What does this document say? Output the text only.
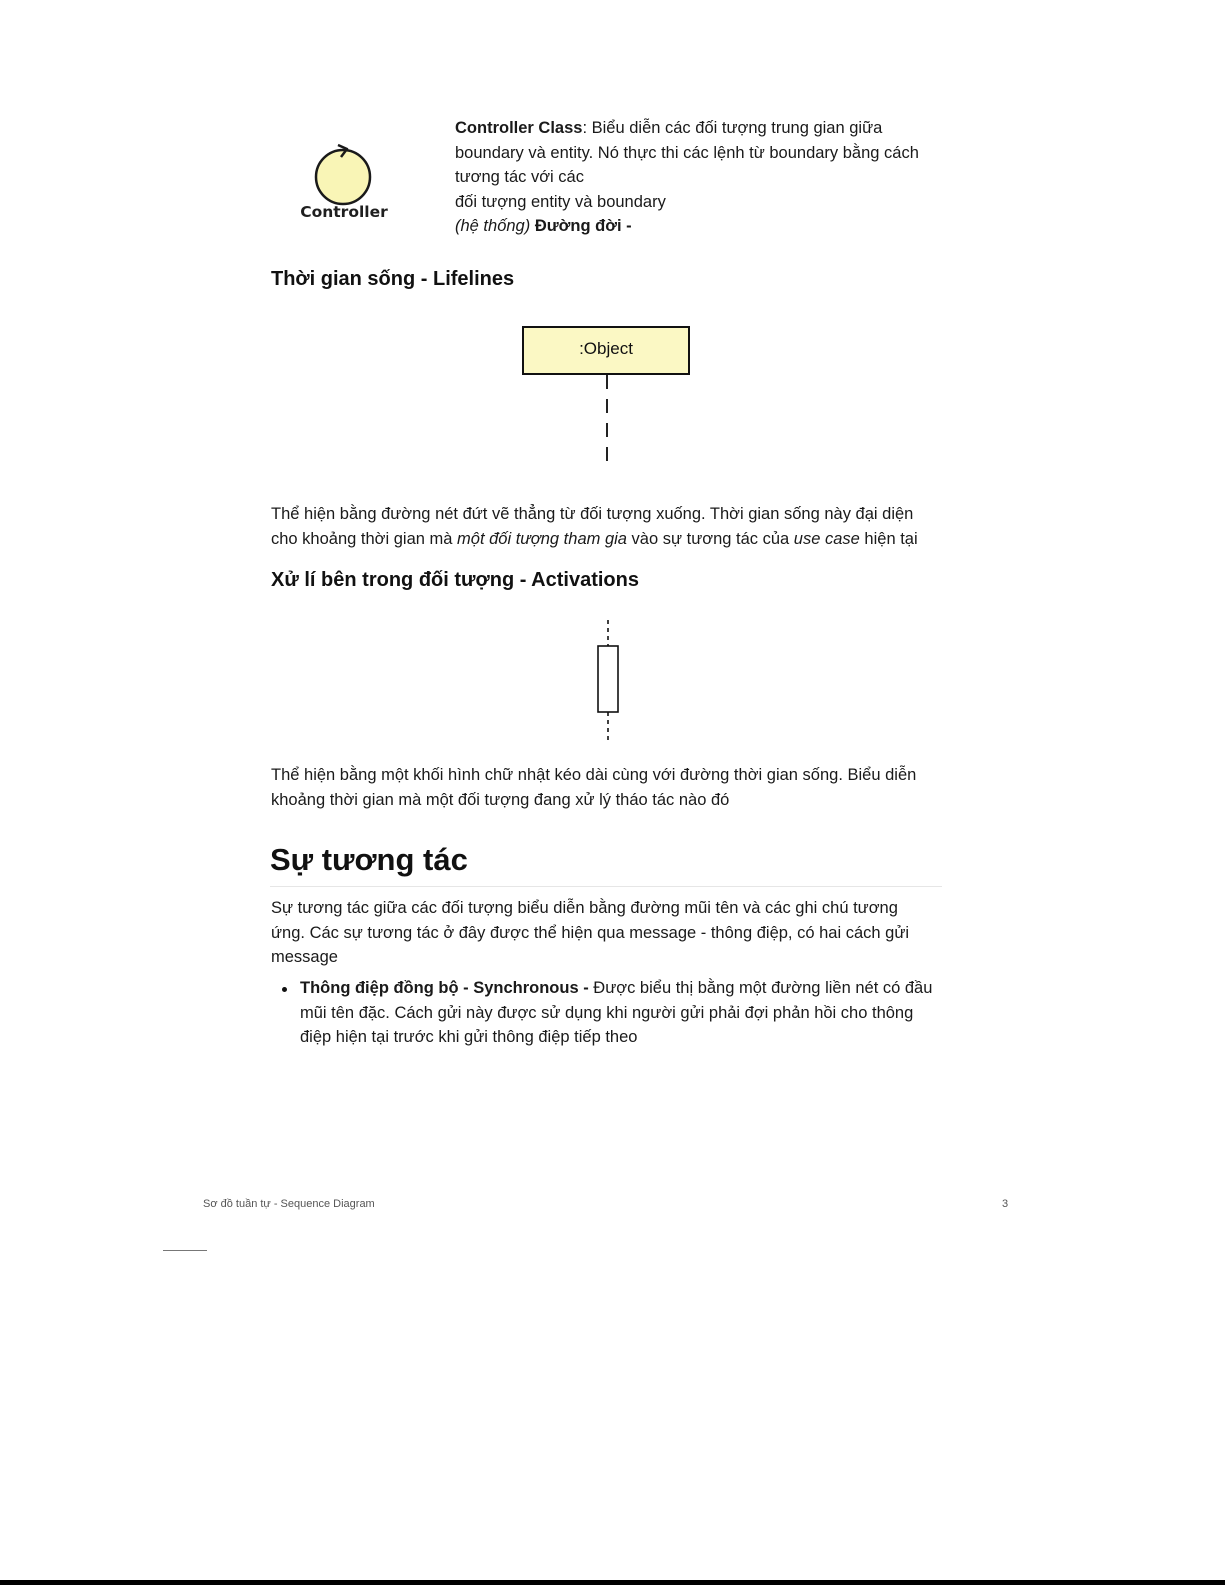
Controller

Controller Class: Biểu diễn các đối tượng trung gian giữa

boundary và entity. Nó thực thi các lệnh từ boundary bằng cách

tương tác với các

đối tượng entity và boundary

(hệ thống) Đường đời -

Thời gian sống - Lifelines
:Object

Thể hiện bằng đường nét đứt vẽ thẳng từ đối tượng xuống. Thời gian sống này đại diện

cho khoảng thời gian mà một đối tượng tham gia vào sự tương tác của use case hiện tại

Xử lí bên trong đối tượng - Activations

Thể hiện bằng một khối hình chữ nhật kéo dài cùng với đường thời gian sống. Biểu diễn

khoảng thời gian mà một đối tượng đang xử lý tháo tác nào đó

Sự tương tác

Sự tương tác giữa các đối tượng biểu diễn bằng đường mũi tên và các ghi chú tương

ứng. Các sự tương tác ở đây được thể hiện qua message - thông điệp, có hai cách gửi

message

Thông điệp đồng bộ - Synchronous - Được biểu thị bằng một đường liền nét có đầu
mũi tên đặc. Cách gửi này được sử dụng khi người gửi phải đợi phản hồi cho thông
điệp hiện tại trước khi gửi thông điệp tiếp theo
Sơ đồ tuần tự - Sequence Diagram	3
